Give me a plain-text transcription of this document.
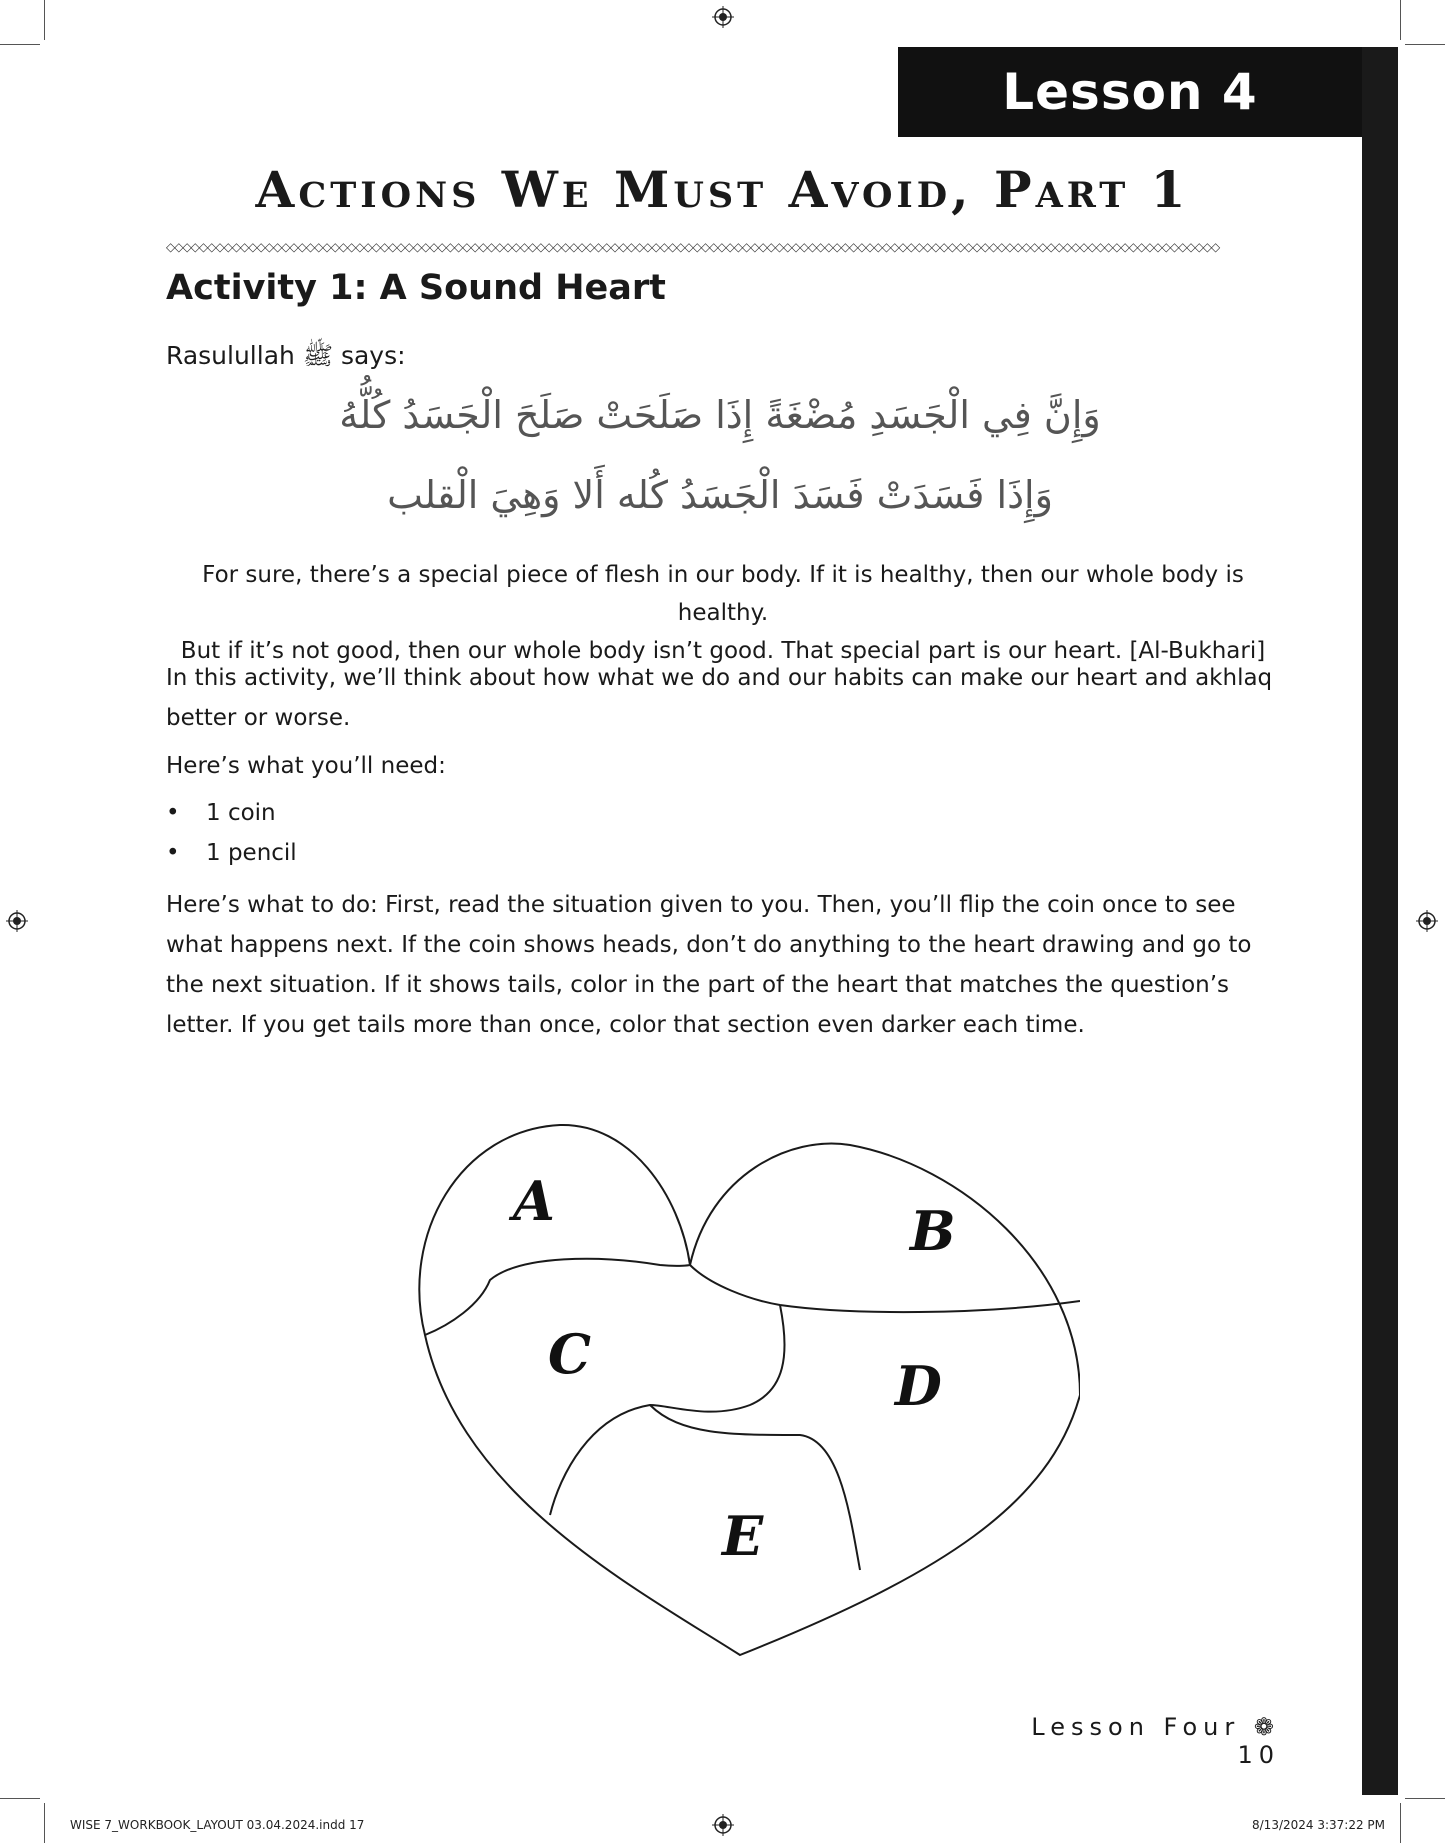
Lesson 4
Actions We Must Avoid, Part 1
◇◇◇◇◇◇◇◇◇◇◇◇◇◇◇◇◇◇◇◇◇◇◇◇◇◇◇◇◇◇◇◇◇◇◇◇◇◇◇◇◇◇◇◇◇◇◇◇◇◇◇◇◇◇◇◇◇◇◇◇◇◇◇◇◇◇◇◇◇◇◇◇◇◇◇◇◇◇◇◇◇◇◇◇◇◇◇◇◇◇◇◇◇◇◇◇◇◇◇◇◇◇◇◇◇◇◇◇◇◇◇◇◇◇◇◇◇◇◇◇◇◇◇◇◇◇◇◇
Activity 1: A Sound Heart
Rasulullah ﷺ says:
وَإِنَّ فِي الْجَسَدِ مُضْغَةً إِذَا صَلَحَتْ صَلَحَ الْجَسَدُ كُلُّهُ
وَإِذَا فَسَدَتْ فَسَدَ الْجَسَدُ كُله أَلا وَهِيَ الْقلب
For sure, there’s a special piece of flesh in our body. If it is healthy, then our whole body is healthy.
But if it’s not good, then our whole body isn’t good. That special part is our heart. [Al-Bukhari]
In this activity, we’ll think about how what we do and our habits can make our heart and akhlaq better or worse.
Here’s what you’ll need:
• 1 coin
• 1 pencil
Here’s what to do: First, read the situation given to you. Then, you’ll flip the coin once to see what happens next. If the coin shows heads, don’t do anything to the heart drawing and go to the next situation. If it shows tails, color in the part of the heart that matches the question’s letter. If you get tails more than once, color that section even darker each time.
A	B
C	D
E
Lesson Four ❁ 10
WISE 7_WORKBOOK_LAYOUT 03.04.2024.indd 17	8/13/2024 3:37:22 PM
